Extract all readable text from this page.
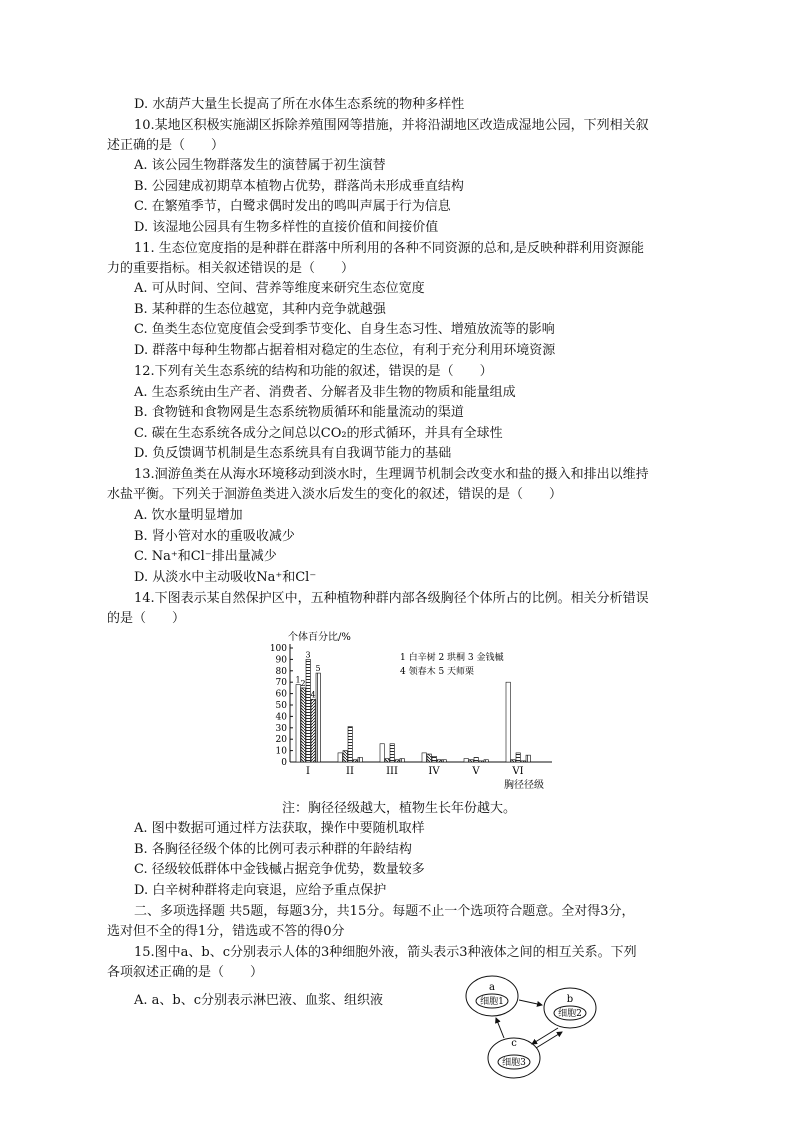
D. 水葫芦大量生长提高了所在水体生态系统的物种多样性
10.某地区积极实施湖区拆除养殖围网等措施，并将沿湖地区改造成湿地公园，下列相关叙
述正确的是（　　）
A. 该公园生物群落发生的演替属于初生演替
B. 公园建成初期草本植物占优势，群落尚未形成垂直结构
C. 在繁殖季节，白鹭求偶时发出的鸣叫声属于行为信息
D. 该湿地公园具有生物多样性的直接价值和间接价值
11. 生态位宽度指的是种群在群落中所利用的各种不同资源的总和,是反映种群利用资源能
力的重要指标。相关叙述错误的是（　　）
A. 可从时间、空间、营养等维度来研究生态位宽度
B. 某种群的生态位越宽，其种内竞争就越强
C. 鱼类生态位宽度值会受到季节变化、自身生态习性、增殖放流等的影响
D. 群落中每种生物都占据着相对稳定的生态位，有利于充分利用环境资源
12.下列有关生态系统的结构和功能的叙述，错误的是（　　）
A. 生态系统由生产者、消费者、分解者及非生物的物质和能量组成
B. 食物链和食物网是生态系统物质循环和能量流动的渠道
C. 碳在生态系统各成分之间总以CO₂的形式循环，并具有全球性
D. 负反馈调节机制是生态系统具有自我调节能力的基础
13.洄游鱼类在从海水环境移动到淡水时，生理调节机制会改变水和盐的摄入和排出以维持
水盐平衡。下列关于洄游鱼类进入淡水后发生的变化的叙述，错误的是（　　）
A. 饮水量明显增加
B. 肾小管对水的重吸收减少
C. Na⁺和Cl⁻排出量减少
D. 从淡水中主动吸收Na⁺和Cl⁻
14.下图表示某自然保护区中，五种植物种群内部各级胸径个体所占的比例。相关分析错误
的是（　　）
A. 图中数据可通过样方法获取，操作中要随机取样
B. 各胸径径级个体的比例可表示种群的年龄结构
C. 径级较低群体中金钱槭占据竞争优势，数量较多
D. 白辛树种群将走向衰退，应给予重点保护
二、多项选择题 共5题，每题3分，共15分。每题不止一个选项符合题意。全对得3分，
选对但不全的得1分，错选或不答的得0分
15.图中a、b、c分别表示人体的3种细胞外液，箭头表示3种液体之间的相互关系。下列
各项叙述正确的是（　　）
A. a、b、c分别表示淋巴液、血浆、组织液
个体百分比/%
0
10
20
30
40
50
60
70
80
90
100
1 白辛树 2 珙桐 3 金钱槭
4 领春木 5 天师栗
1 2
3
4
5
I	II	III	IV	V	VI
胸径径级
注：胸径径级越大，植物生长年份越大。
a
细胞1	b
细胞2
c
细胞3
